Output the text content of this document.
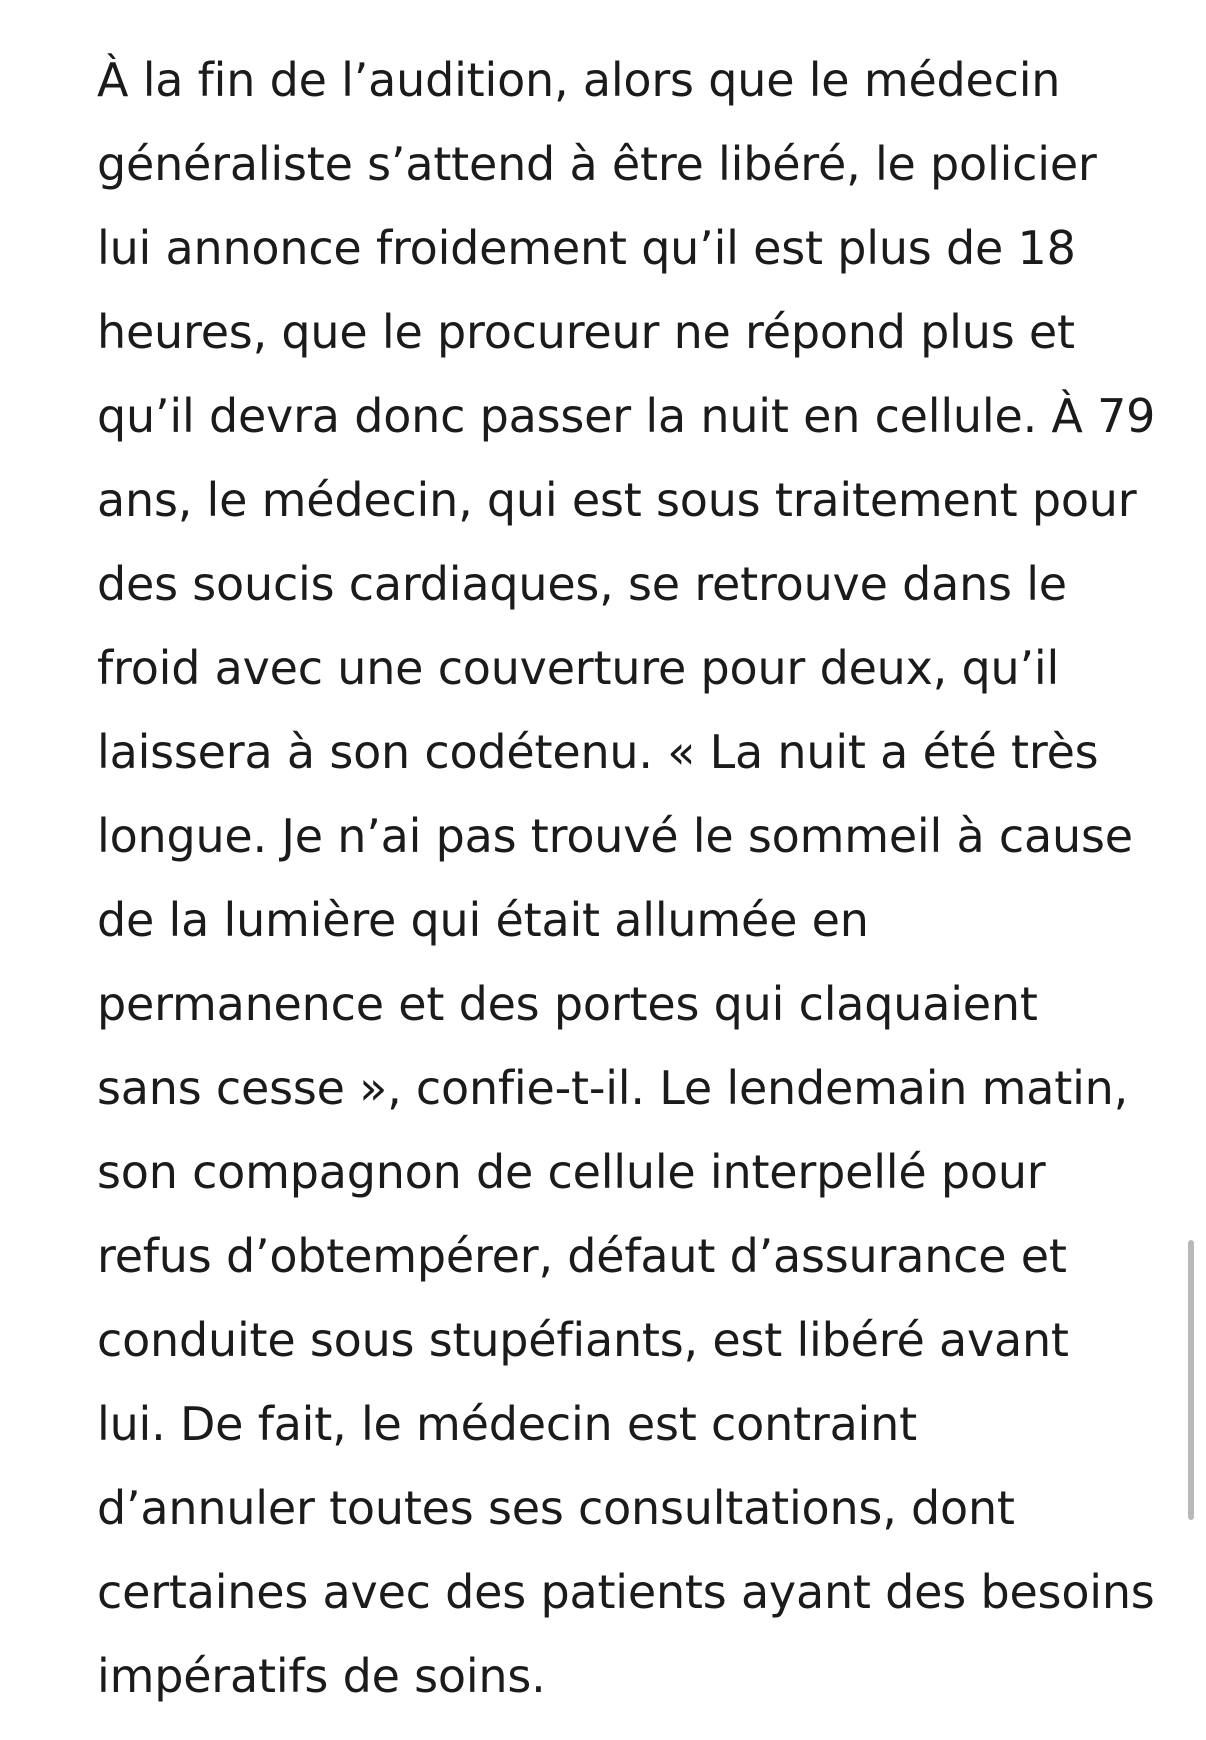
À la fin de l’audition, alors que le médecin
généraliste s’attend à être libéré, le policier
lui annonce froidement qu’il est plus de 18
heures, que le procureur ne répond plus et
qu’il devra donc passer la nuit en cellule. À 79
ans, le médecin, qui est sous traitement pour
des soucis cardiaques, se retrouve dans le
froid avec une couverture pour deux, qu’il
laissera à son codétenu. « La nuit a été très
longue. Je n’ai pas trouvé le sommeil à cause
de la lumière qui était allumée en
permanence et des portes qui claquaient
sans cesse », confie-t-il. Le lendemain matin,
son compagnon de cellule interpellé pour
refus d’obtempérer, défaut d’assurance et
conduite sous stupéfiants, est libéré avant
lui. De fait, le médecin est contraint
d’annuler toutes ses consultations, dont
certaines avec des patients ayant des besoins
impératifs de soins.
